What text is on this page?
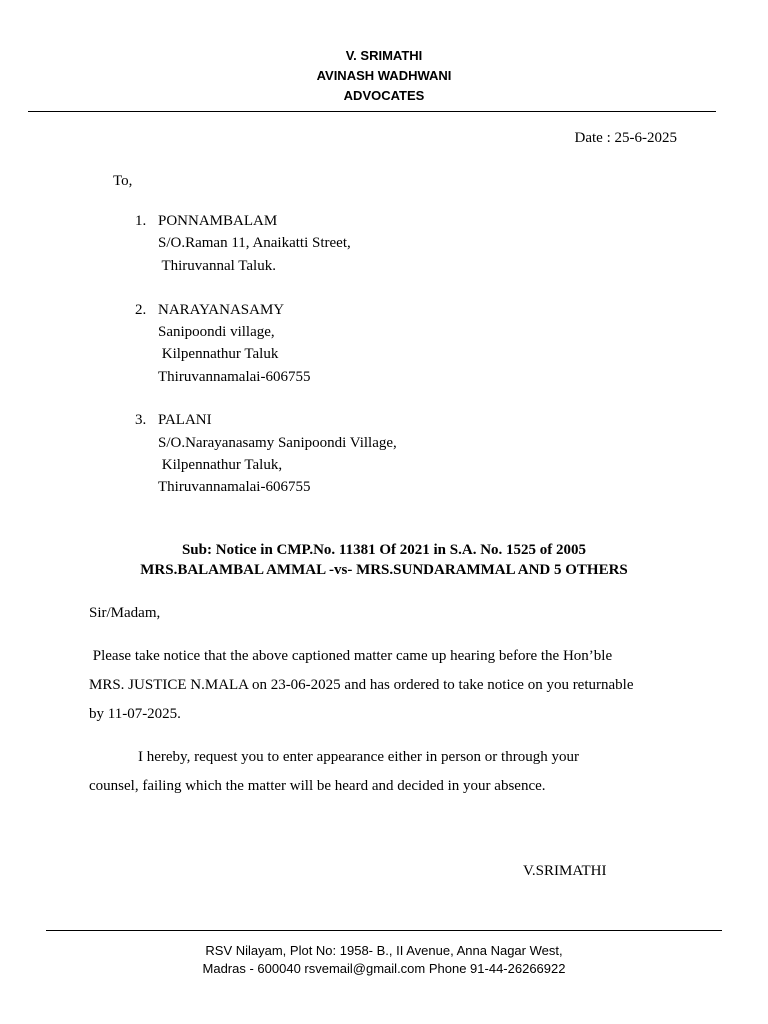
V. SRIMATHI
AVINASH WADHWANI
ADVOCATES
Date : 25-6-2025
To,
1. PONNAMBALAM
S/O.Raman 11, Anaikatti Street,
Thiruvannal Taluk.
2. NARAYANASAMY
Sanipoondi village,
Kilpennathur Taluk
Thiruvannamalai-606755
3. PALANI
S/O.Narayanasamy Sanipoondi Village,
Kilpennathur Taluk,
Thiruvannamalai-606755
Sub: Notice in CMP.No. 11381 Of 2021 in S.A. No. 1525 of 2005
MRS.BALAMBAL AMMAL -vs- MRS.SUNDARAMMAL AND 5 OTHERS
Sir/Madam,
Please take notice that the above captioned matter came up hearing before the Hon’ble
MRS. JUSTICE N.MALA on 23-06-2025 and has ordered to take notice on you returnable
by 11-07-2025.
I hereby, request you to enter appearance either in person or through your
counsel, failing which the matter will be heard and decided in your absence.
V.SRIMATHI
RSV Nilayam, Plot No: 1958- B., II Avenue, Anna Nagar West,
Madras - 600040 rsvemail@gmail.com Phone 91-44-26266922
